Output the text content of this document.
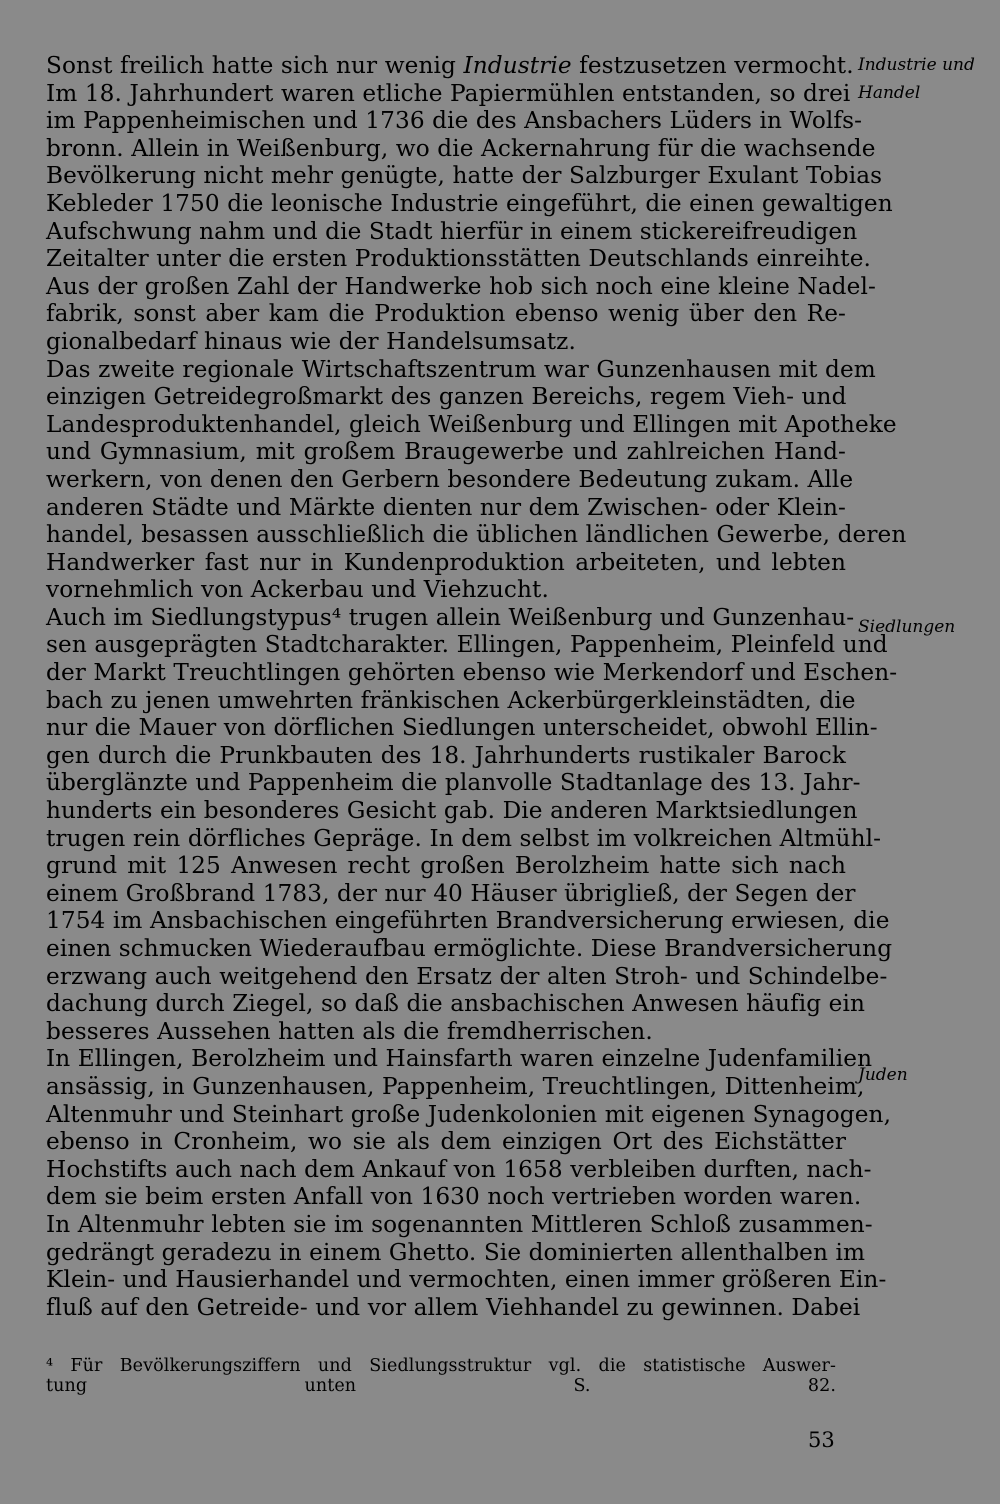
Sonst freilich hatte sich nur wenig Industrie festzusetzen vermocht.
Im 18. Jahrhundert waren etliche Papiermühlen entstanden, so drei
im Pappenheimischen und 1736 die des Ansbachers Lüders in Wolfs-
bronn. Allein in Weißenburg, wo die Ackernahrung für die wachsende
Bevölkerung nicht mehr genügte, hatte der Salzburger Exulant Tobias
Kebleder 1750 die leonische Industrie eingeführt, die einen gewaltigen
Aufschwung nahm und die Stadt hierfür in einem stickereifreudigen
Zeitalter unter die ersten Produktionsstätten Deutschlands einreihte.
Aus der großen Zahl der Handwerke hob sich noch eine kleine Nadel-
fabrik, sonst aber kam die Produktion ebenso wenig über den Re-
gionalbedarf hinaus wie der Handelsumsatz.
Das zweite regionale Wirtschaftszentrum war Gunzenhausen mit dem
einzigen Getreidegroßmarkt des ganzen Bereichs, regem Vieh- und
Landesproduktenhandel, gleich Weißenburg und Ellingen mit Apotheke
und Gymnasium, mit großem Braugewerbe und zahlreichen Hand-
werkern, von denen den Gerbern besondere Bedeutung zukam. Alle
anderen Städte und Märkte dienten nur dem Zwischen- oder Klein-
handel, besassen ausschließlich die üblichen ländlichen Gewerbe, deren
Handwerker fast nur in Kundenproduktion arbeiteten, und lebten
vornehmlich von Ackerbau und Viehzucht.
Auch im Siedlungstypus⁴ trugen allein Weißenburg und Gunzenhau-
sen ausgeprägten Stadtcharakter. Ellingen, Pappenheim, Pleinfeld und
der Markt Treuchtlingen gehörten ebenso wie Merkendorf und Eschen-
bach zu jenen umwehrten fränkischen Ackerbürgerkleinstädten, die
nur die Mauer von dörflichen Siedlungen unterscheidet, obwohl Ellin-
gen durch die Prunkbauten des 18. Jahrhunderts rustikaler Barock
überglänzte und Pappenheim die planvolle Stadtanlage des 13. Jahr-
hunderts ein besonderes Gesicht gab. Die anderen Marktsiedlungen
trugen rein dörfliches Gepräge. In dem selbst im volkreichen Altmühl-
grund mit 125 Anwesen recht großen Berolzheim hatte sich nach
einem Großbrand 1783, der nur 40 Häuser übrigließ, der Segen der
1754 im Ansbachischen eingeführten Brandversicherung erwiesen, die
einen schmucken Wiederaufbau ermöglichte. Diese Brandversicherung
erzwang auch weitgehend den Ersatz der alten Stroh- und Schindelbe-
dachung durch Ziegel, so daß die ansbachischen Anwesen häufig ein
besseres Aussehen hatten als die fremdherrischen.
In Ellingen, Berolzheim und Hainsfarth waren einzelne Judenfamilien
ansässig, in Gunzenhausen, Pappenheim, Treuchtlingen, Dittenheim,
Altenmuhr und Steinhart große Judenkolonien mit eigenen Synagogen,
ebenso in Cronheim, wo sie als dem einzigen Ort des Eichstätter
Hochstifts auch nach dem Ankauf von 1658 verbleiben durften, nach-
dem sie beim ersten Anfall von 1630 noch vertrieben worden waren.
In Altenmuhr lebten sie im sogenannten Mittleren Schloß zusammen-
gedrängt geradezu in einem Ghetto. Sie dominierten allenthalben im
Klein- und Hausierhandel und vermochten, einen immer größeren Ein-
fluß auf den Getreide- und vor allem Viehhandel zu gewinnen. Dabei
Industrie und
Handel
Siedlungen
Juden
⁴ Für Bevölkerungsziffern und Siedlungsstruktur vgl. die statistische Auswer-
tung unten S. 82.
53
